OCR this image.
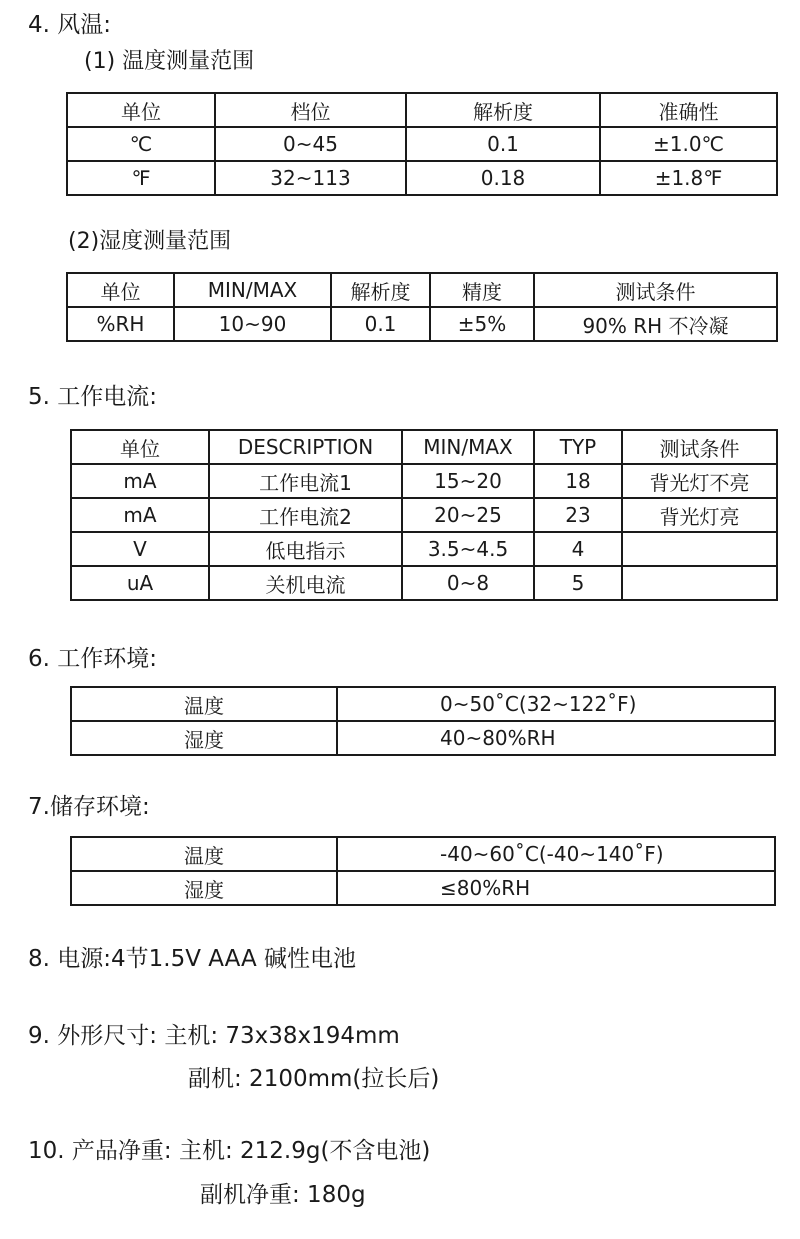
4. 风温:
(1) 温度测量范围
单位	档位	解析度	准确性
℃	0~45	0.1	±1.0℃
℉	32~113	0.18	±1.8℉
(2)湿度测量范围
单位	MIN/MAX	解析度	精度	测试条件
%RH	10~90	0.1	±5%	90% RH 不冷凝
5. 工作电流:
单位	DESCRIPTION	MIN/MAX	TYP	测试条件
mA	工作电流1	15~20	18	背光灯不亮
mA	工作电流2	20~25	23	背光灯亮
V	低电指示	3.5~4.5	4	
uA	关机电流	0~8	5	
6. 工作环境:
温度	0~50˚C(32~122˚F)
湿度	40~80%RH
7.储存环境:
温度	-40~60˚C(-40~140˚F)
湿度	≤80%RH
8. 电源:4节1.5V AAA 碱性电池
9. 外形尺寸: 主机: 73x38x194mm
副机: 2100mm(拉长后)
10. 产品净重: 主机: 212.9g(不含电池)
副机净重: 180g
